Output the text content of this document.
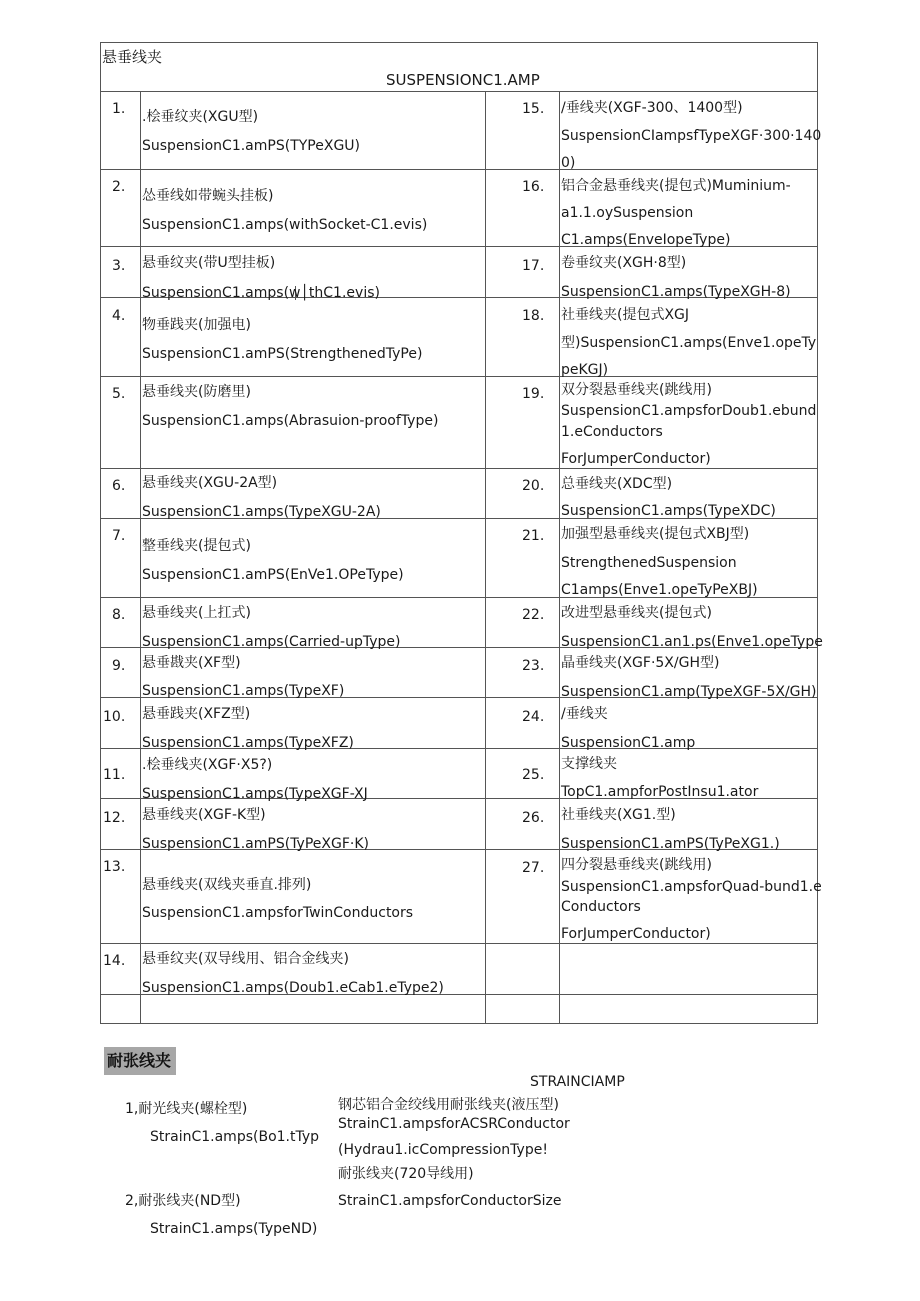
悬垂线夹
SUSPENSIONC1.AMP
1. .桧垂纹夹(XGU型)
SuspensionC1.amPS(TYPeXGU)
2.
怂垂线如带蜿头挂板)
SuspensionC1.amps(withSocket-C1.evis)
3. 悬垂纹夹(带U型挂板)
SuspensionC1.amps(w│thC1.evis)
4.
物垂践夹(加强电)
SuspensionC1.amPS(StrengthenedTyPe)
5. 悬垂线夹(防磨里)
SuspensionC1.amps(Abrasuion-proofType)
6. 悬垂线夹(XGU-2A型)
SuspensionC1.amps(TypeXGU-2A)
7.
整垂线夹(提包式)
SuspensionC1.amPS(EnVe1.OPeType)
8. 悬垂线夹(上扛式)
SuspensionC1.amps(Carried-upType)
9. 悬垂戡夹(XF型)
SuspensionC1.amps(TypeXF)
10. 悬垂践夹(XFZ型)
SuspensionC1.amps(TypeXFZ)
11.
.桧垂线夹(XGF·X5?)
SuspensionC1.amps(TypeXGF-XJ
12. 悬垂线夹(XGF-K型)
SuspensionC1.amPS(TyPeXGF·K)
13.
悬垂线夹(双线夹垂直.排列)
SuspensionC1.ampsforTwinConductors
14. 悬垂纹夹(双导线用、铝合金线夹)
SuspensionC1.amps(Doub1.eCab1.eType2)
15. /垂线夹(XGF-300、1400型)
SuspensionCIampsfTypeXGF·300·140
0)
16. 铝合金悬垂线夹(提包式)Muminium-
a1.1.oySuspension
C1.amps(EnveIopeType)
17. 卷垂纹夹(XGH·8型)
SuspensionC1.amps(TypeXGH-8)
18. 社垂线夹(提包式XGJ
型)SuspensionC1.amps(Enve1.opeTy
peKGJ)
19. 双分裂悬垂线夹(跳线用)
SuspensionC1.ampsforDoub1.ebund
1.eConductors
ForJumperConductor)
20. 总垂线夹(XDC型)
SuspensionC1.amps(TypeXDC)
21. 加强型悬垂线夹(提包式XBJ型)
StrengthenedSuspension
C1amps(Enve1.opeTyPeXBJ)
22. 改进型悬垂线夹(提包式)
SuspensionC1.an1.ps(Enve1.opeType
23. 晶垂线夹(XGF·5X∕GH型)
SuspensionC1.amp(TypeXGF-5X∕GH)
24. /垂线夹
SuspensionC1.amp
25.
支撑线夹
TopC1.ampforPostInsu1.ator
26. 社垂线夹(XG1.型)
SuspensionC1.amPS(TyPeXG1.)
27. 四分裂悬垂线夹(跳线用)
SuspensionC1.ampsforQuad-bund1.e
Conductors
ForJumperConductor)
耐张线夹
STRAINCIAMP
1,耐光线夹(螺栓型)
StrainC1.amps(Bo1.tTyp
2,耐张线夹(ND型)
StrainC1.amps(TypeND)
钢芯铝合金绞线用耐张线夹(液压型)
StrainC1.ampsforACSRConductor
(Hydrau1.icCompressionType!
耐张线夹(720导线用)
StrainC1.ampsforConductorSize
